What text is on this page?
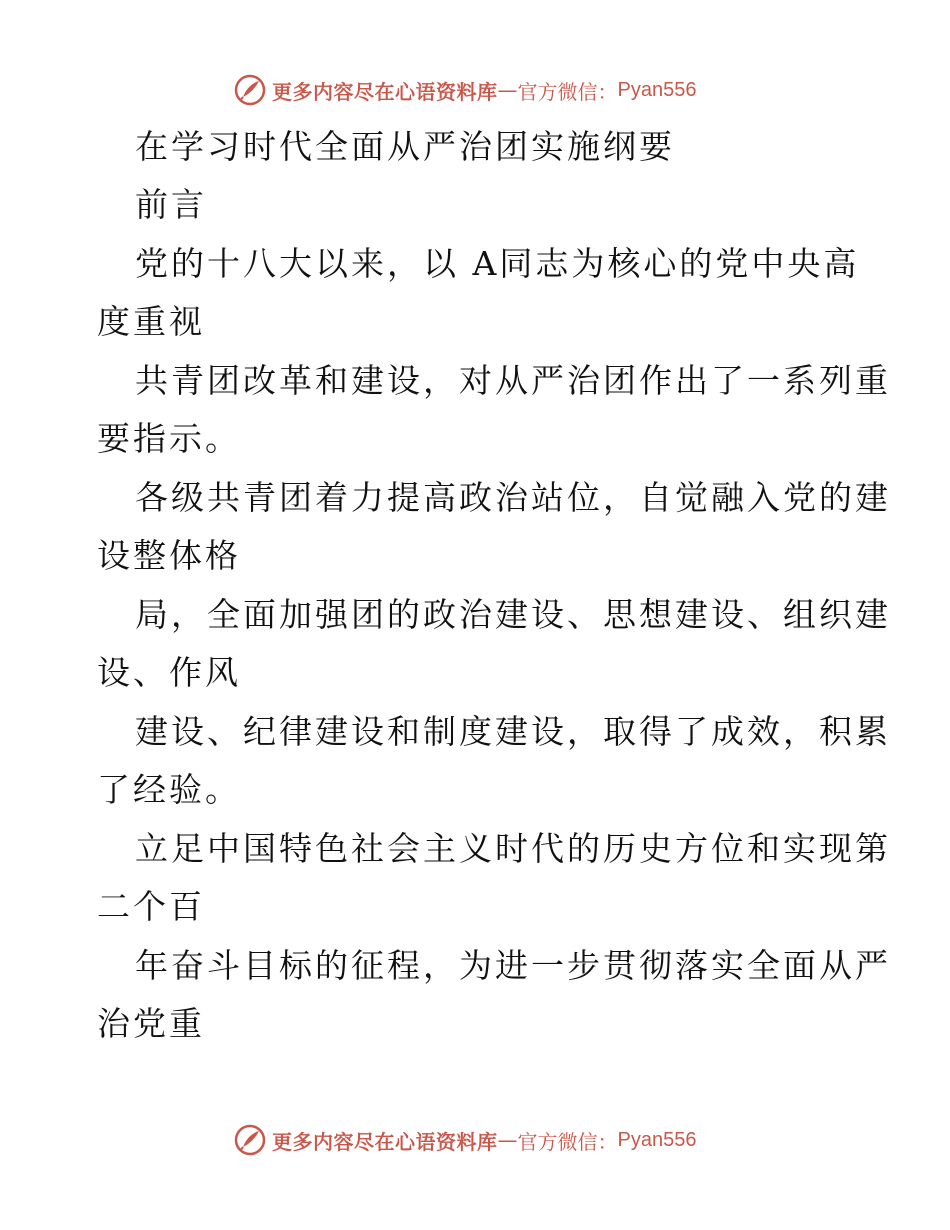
更多内容尽在心语资料库 — 官方微信： Pyan556
在学习时代全面从严治团实施纲要
前言
党的十八大以来，以 A同志为核心的党中央高
度重视
共青团改革和建设，对从严治团作出了一系列重
要指示。
各级共青团着力提高政治站位，自觉融入党的建
设整体格
局，全面加强团的政治建设、思想建设、组织建
设、作风
建设、纪律建设和制度建设，取得了成效，积累
了经验。
立足中国特色社会主义时代的历史方位和实现第
二个百
年奋斗目标的征程，为进一步贯彻落实全面从严
治党重
更多内容尽在心语资料库 — 官方微信： Pyan556
